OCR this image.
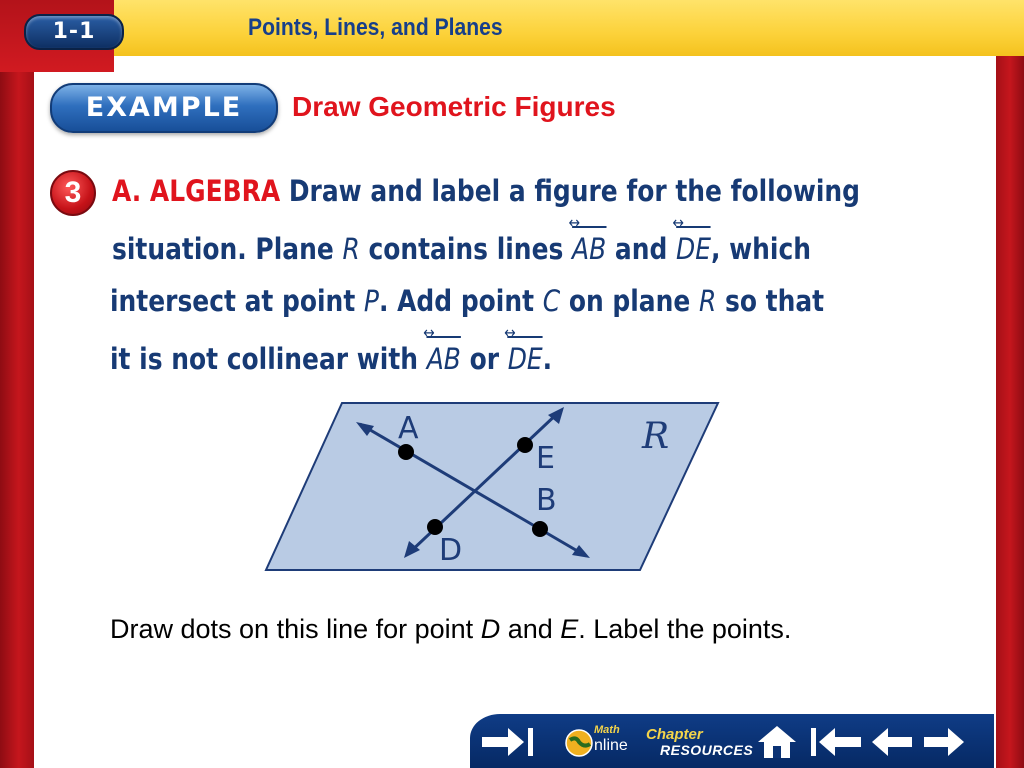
Points, Lines, and Planes
1-1
EXAMPLE	Draw Geometric Figures
3	A. ALGEBRA Draw and label a figure for the following
situation. Plane R contains lines AB ↔ and DE ↔, which
intersect at point P. Add point C on plane R so that
it is not collinear with AB ↔ or DE ↔.
A
E
B
D
R
Draw dots on this line for point D and E. Label the points.
Math
nline
Chapter
RESOURCES
